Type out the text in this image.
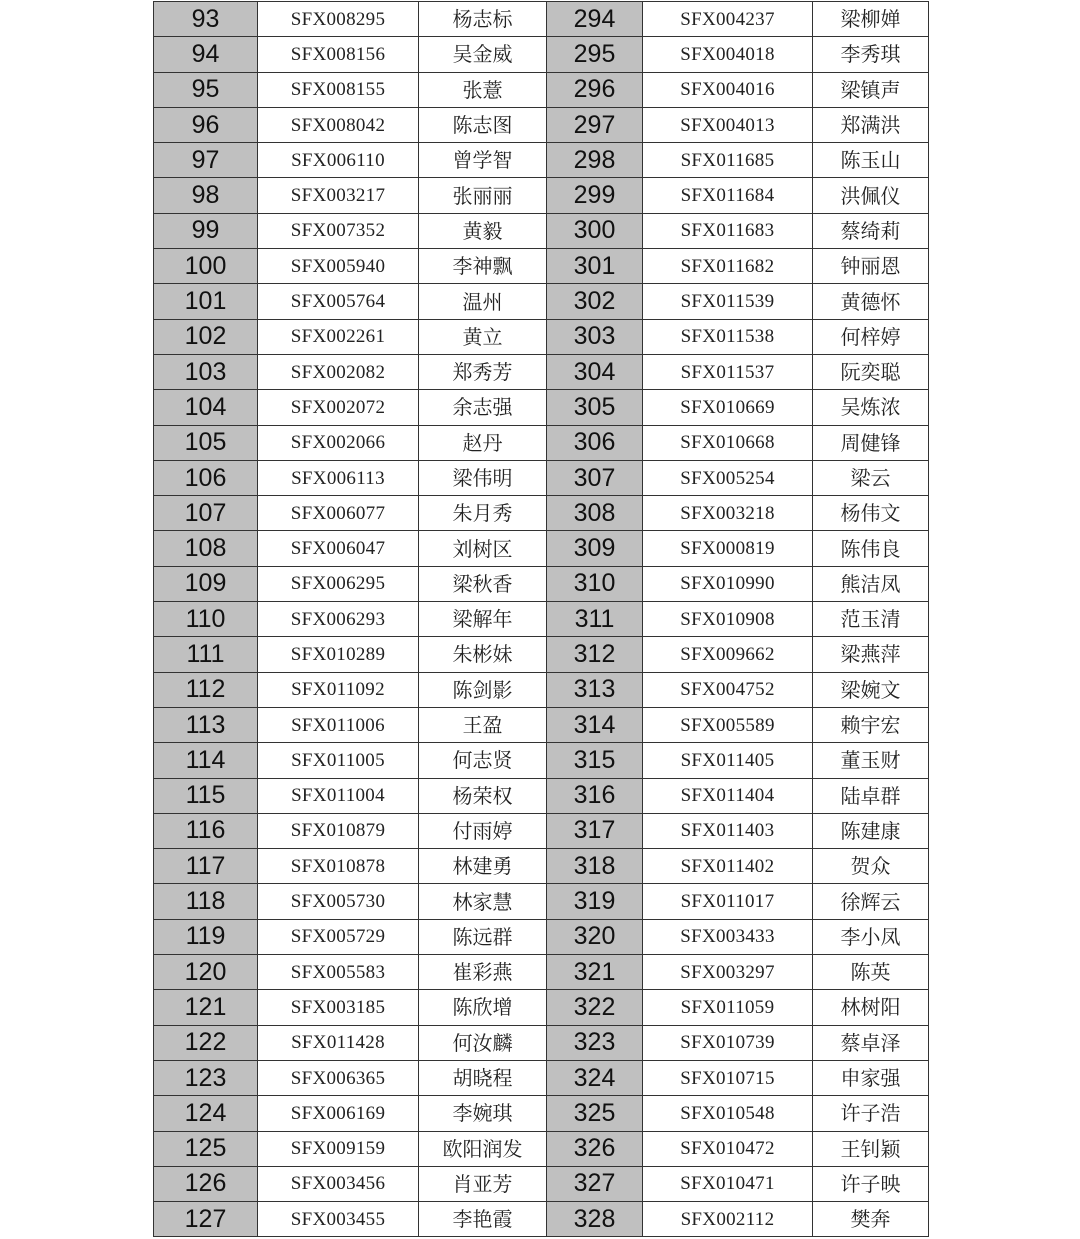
93	SFX008295	杨志标	294	SFX004237	梁柳婵
94	SFX008156	吴金威	295	SFX004018	李秀琪
95	SFX008155	张薏	296	SFX004016	梁镇声
96	SFX008042	陈志图	297	SFX004013	郑满洪
97	SFX006110	曾学智	298	SFX011685	陈玉山
98	SFX003217	张丽丽	299	SFX011684	洪佩仪
99	SFX007352	黄毅	300	SFX011683	蔡绮莉
100	SFX005940	李神飘	301	SFX011682	钟丽恩
101	SFX005764	温州	302	SFX011539	黄德怀
102	SFX002261	黄立	303	SFX011538	何梓婷
103	SFX002082	郑秀芳	304	SFX011537	阮奕聪
104	SFX002072	余志强	305	SFX010669	吴炼浓
105	SFX002066	赵丹	306	SFX010668	周健锋
106	SFX006113	梁伟明	307	SFX005254	梁云
107	SFX006077	朱月秀	308	SFX003218	杨伟文
108	SFX006047	刘树区	309	SFX000819	陈伟良
109	SFX006295	梁秋香	310	SFX010990	熊洁凤
110	SFX006293	梁解年	311	SFX010908	范玉清
111	SFX010289	朱彬妹	312	SFX009662	梁燕萍
112	SFX011092	陈剑影	313	SFX004752	梁婉文
113	SFX011006	王盈	314	SFX005589	赖宇宏
114	SFX011005	何志贤	315	SFX011405	董玉财
115	SFX011004	杨荣权	316	SFX011404	陆卓群
116	SFX010879	付雨婷	317	SFX011403	陈建康
117	SFX010878	林建勇	318	SFX011402	贺众
118	SFX005730	林家慧	319	SFX011017	徐辉云
119	SFX005729	陈远群	320	SFX003433	李小凤
120	SFX005583	崔彩燕	321	SFX003297	陈英
121	SFX003185	陈欣增	322	SFX011059	林树阳
122	SFX011428	何汝麟	323	SFX010739	蔡卓泽
123	SFX006365	胡晓程	324	SFX010715	申家强
124	SFX006169	李婉琪	325	SFX010548	许子浩
125	SFX009159	欧阳润发	326	SFX010472	王钊颖
126	SFX003456	肖亚芳	327	SFX010471	许子映
127	SFX003455	李艳霞	328	SFX002112	樊奔
